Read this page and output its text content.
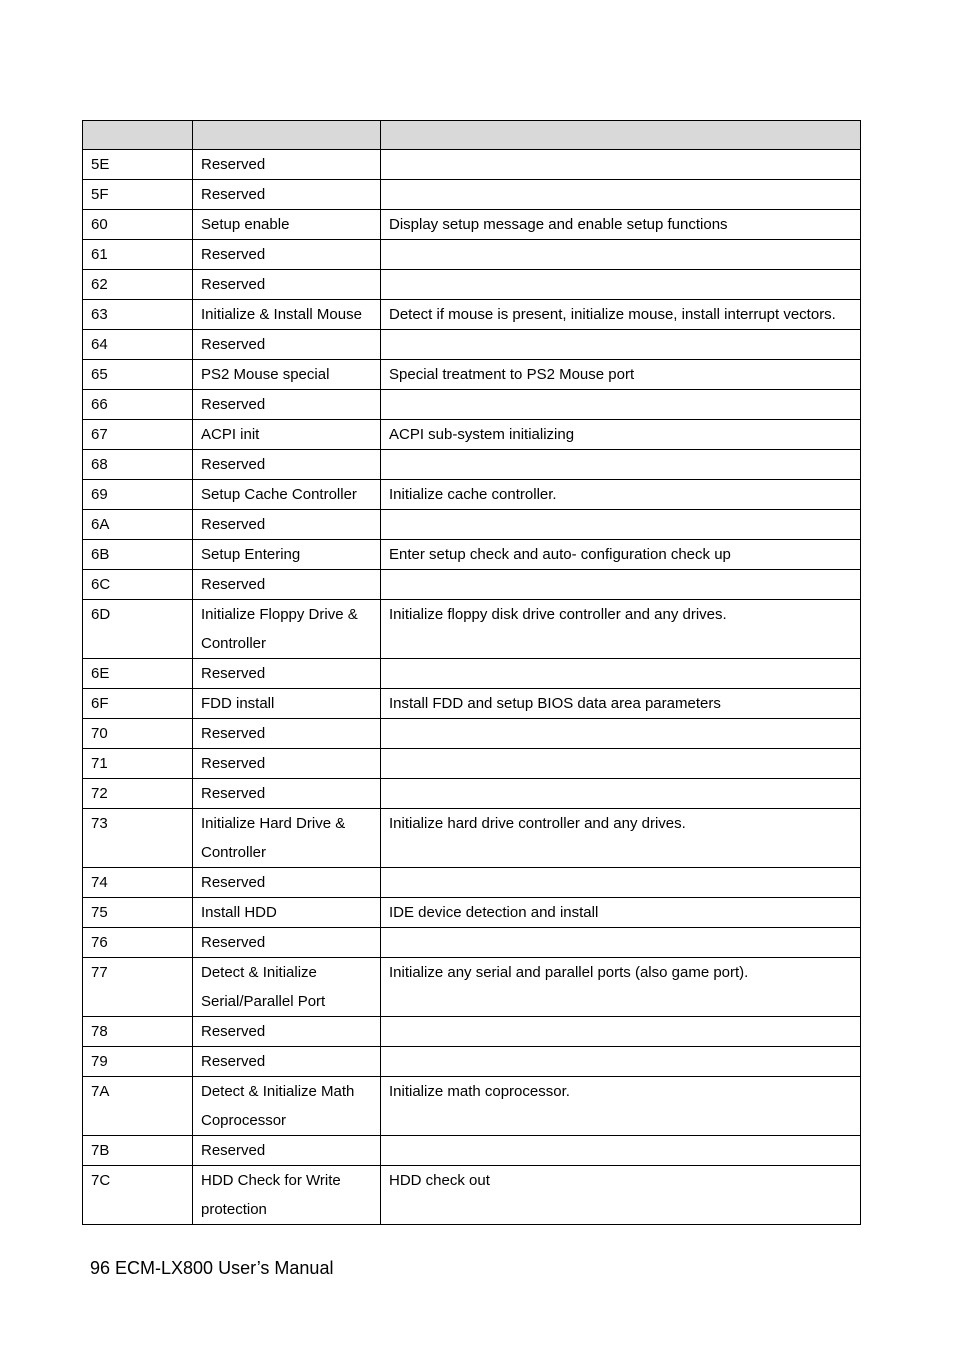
5E	Reserved	
5F	Reserved	
60	Setup enable	Display setup message and enable setup functions
61	Reserved	
62	Reserved	
63	Initialize & Install Mouse	Detect if mouse is present, initialize mouse, install interrupt vectors.
64	Reserved	
65	PS2 Mouse special	Special treatment to PS2 Mouse port
66	Reserved	
67	ACPI init	ACPI sub-system initializing
68	Reserved	
69	Setup Cache Controller	Initialize cache controller.
6A	Reserved	
6B	Setup Entering	Enter setup check and auto- configuration check up
6C	Reserved	
6D	Initialize Floppy Drive & Controller	Initialize floppy disk drive controller and any drives.
6E	Reserved	
6F	FDD install	Install FDD and setup BIOS data area parameters
70	Reserved	
71	Reserved	
72	Reserved	
73	Initialize Hard Drive & Controller	Initialize hard drive controller and any drives.
74	Reserved	
75	Install HDD	IDE device detection and install
76	Reserved	
77	Detect & Initialize Serial/Parallel Port	Initialize any serial and parallel ports (also game port).
78	Reserved	
79	Reserved	
7A	Detect & Initialize Math Coprocessor	Initialize math coprocessor.
7B	Reserved	
7C	HDD Check for Write protection	HDD check out
96 ECM-LX800 User’s Manual
